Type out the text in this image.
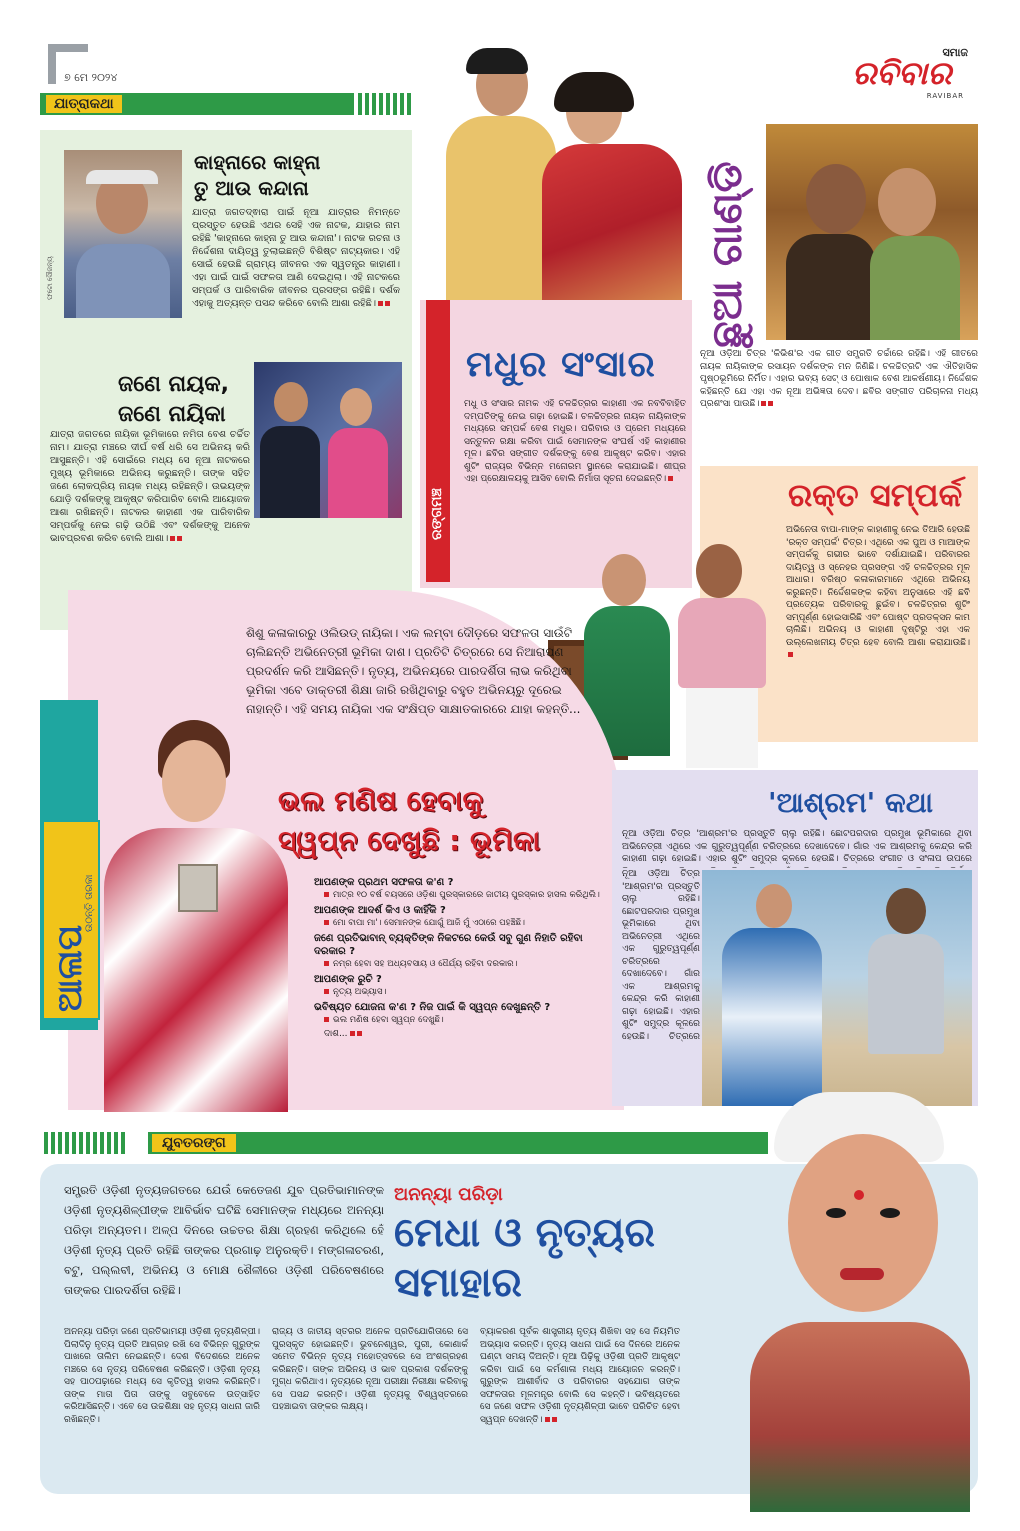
୭ ମେ ୨୦୨୪
ସମାଜ
ରବିବାର
RAVIBAR
ଯାତ୍ରାକଥା
ଫଟୋ ସୌଜନ୍ୟ
କାହ୍ନାରେ କାହ୍ନା
ତୁ ଆଉ କନ୍ଦାନା
ଯାତ୍ରା ଜଗତଦ୍ଵାରା ପାଇଁ ନୂଆ ଯାତ୍ରାର ନିମନ୍ତେ ପ୍ରସ୍ତୁତ ହେଉଛି ଏଥର ସେହି ଏକ ନାଟକ, ଯାହାର ନାମ ରହିଛି 'କାହ୍ନାରେ କାହ୍ନା ତୁ ଆଉ କନ୍ଦାନା'। ନାଟକ ରଚନା ଓ ନିର୍ଦ୍ଦେଶନା ଦାୟିତ୍ୱ ତୁଲାଇଛନ୍ତି ବିଶିଷ୍ଟ ନାଟ୍ୟକାର। ଏହି ସୋଇଁ ହେଉଛି ଗ୍ରାମ୍ୟ ଜୀବନର ଏକ ସ୍ୱତନ୍ତ୍ର କାହାଣୀ। ଏହା ପାଇଁ ପାଇଁ ସଫଳତା ଆଣି ଦେଇଥିଲା। ଏହି ନାଟକରେ ସମ୍ପର୍କ ଓ ପାରିବାରିକ ଜୀବନର ପ୍ରସଙ୍ଗ ରହିଛି। ଦର୍ଶକ ଏହାକୁ ଅତ୍ୟନ୍ତ ପସନ୍ଦ କରିବେ ବୋଲି ଆଶା ରହିଛି।
ଜଣେ ନାୟକ,
ଜଣେ ନାୟିକା
ଯାତ୍ରା ଜଗତରେ ନାୟିକା ଭୂମିକାରେ ନମିତା ବେଶ ଚର୍ଚ୍ଚିତ ନାମ। ଯାତ୍ରା ମଞ୍ଚରେ ଦୀର୍ଘ ବର୍ଷ ଧରି ସେ ଅଭିନୟ କରି ଆସୁଛନ୍ତି। ଏହି ସୋଇଁରେ ମଧ୍ୟ ସେ ନୂଆ ନାଟକରେ ମୁଖ୍ୟ ଭୂମିକାରେ ଅଭିନୟ କରୁଛନ୍ତି। ତାଙ୍କ ସହିତ ଜଣେ ଲୋକପ୍ରିୟ ନାୟକ ମଧ୍ୟ ରହିଛନ୍ତି। ଉଭୟଙ୍କ ଯୋଡ଼ି ଦର୍ଶକଙ୍କୁ ଆକୃଷ୍ଟ କରିପାରିବ ବୋଲି ଆୟୋଜକ ଆଶା ରଖିଛନ୍ତି। ନାଟକର କାହାଣୀ ଏକ ପାରିବାରିକ ସମ୍ପର୍କକୁ ନେଇ ଗଢ଼ି ଉଠିଛି ଏବଂ ଦର୍ଶକଙ୍କୁ ଅନେକ ଭାବପ୍ରବଣ କରିବ ବୋଲି ଆଶା।	ରଙ୍ଗମଞ୍ଚ
ମଧୁର ସଂସାର
ମଧୁ ଓ ସଂସାର ନାମକ ଏହି ଚଳଚ୍ଚିତ୍ରର କାହାଣୀ ଏକ ନବବିବାହିତ ଦମ୍ପତିଙ୍କୁ ନେଇ ଗଢ଼ା ହୋଇଛି। ଚଳଚ୍ଚିତ୍ରର ନାୟକ ନାୟିକାଙ୍କ ମଧ୍ୟରେ ସମ୍ପର୍କ ବେଶ ମଧୁର। ପରିବାର ଓ ପ୍ରେମ ମଧ୍ୟରେ ସନ୍ତୁଳନ ରକ୍ଷା କରିବା ପାଇଁ ସେମାନଙ୍କ ସଂଘର୍ଷ ଏହି କାହାଣୀର ମୂଳ। ଛବିର ସଙ୍ଗୀତ ଦର୍ଶକଙ୍କୁ ବେଶ ଆକୃଷ୍ଟ କରିବ। ଏହାର ଶୁଟିଂ ରାଜ୍ୟର ବିଭିନ୍ନ ମନୋରମ ସ୍ଥାନରେ କରାଯାଇଛି। ଶୀଘ୍ର ଏହା ପ୍ରେକ୍ଷାଳୟକୁ ଆସିବ ବୋଲି ନିର୍ମାତା ସୂଚନା ଦେଇଛନ୍ତି।
ଛୁଆ ଗାଣ୍ଡି
ନୂଆ ଓଡ଼ିଆ ଚିତ୍ର 'କିଭିଶ'ର ଏକ ଗୀତ ସମ୍ପ୍ରତି ଚର୍ଚ୍ଚାରେ ରହିଛି। ଏହି ଗୀତରେ ନାୟକ ନାୟିକାଙ୍କ ରସାୟନ ଦର୍ଶକଙ୍କ ମନ ଜିଣିଛି। ଚଳଚ୍ଚିତ୍ରଟି ଏକ ଐତିହାସିକ ପୃଷ୍ଠଭୂମିରେ ନିର୍ମିତ। ଏହାର ଭବ୍ୟ ସେଟ୍ ଓ ପୋଷାକ ବେଶ ଆକର୍ଷଣୀୟ। ନିର୍ଦ୍ଦେଶକ କହିଛନ୍ତି ଯେ ଏହା ଏକ ନୂଆ ଅଭିଜ୍ଞତା ଦେବ। ଛବିର ସଙ୍ଗୀତ ପରିଚାଳନା ମଧ୍ୟ ପ୍ରଶଂସା ପାଉଛି।
ରକ୍ତ ସମ୍ପର୍କ
ଅଭିନେତା ବାପା-ମାଙ୍କ କାହାଣୀକୁ ନେଇ ତିଆରି ହେଉଛି 'ରକ୍ତ ସମ୍ପର୍କ' ଚିତ୍ର। ଏଥିରେ ଏକ ପୁଅ ଓ ମାଆଙ୍କ ସମ୍ପର୍କକୁ ଗଭୀର ଭାବେ ଦର୍ଶାଯାଇଛି। ପରିବାରର ଦାୟିତ୍ୱ ଓ ସ୍ନେହର ପ୍ରସଙ୍ଗ ଏହି ଚଳଚ୍ଚିତ୍ରର ମୂଳ ଆଧାର। ବରିଷ୍ଠ କଳାକାରମାନେ ଏଥିରେ ଅଭିନୟ କରୁଛନ୍ତି। ନିର୍ଦ୍ଦେଶକଙ୍କ କହିବା ଅନୁସାରେ ଏହି ଛବି ପ୍ରତ୍ୟେକ ପରିବାରକୁ ଛୁଇଁବ। ଚଳଚ୍ଚିତ୍ରର ଶୁଟିଂ ସମ୍ପୂର୍ଣ୍ଣ ହୋଇସାରିଛି ଏବଂ ପୋଷ୍ଟ ପ୍ରଡକ୍ସନ କାମ ଚାଲିଛି। ଅଭିନୟ ଓ କାହାଣୀ ଦୃଷ୍ଟିରୁ ଏହା ଏକ ଉଲ୍ଲେଖନୀୟ ଚିତ୍ର ହେବ ବୋଲି ଆଶା କରାଯାଉଛି।
ଆଳାପ
ଉଠନ୍ତି ତାରକା
ଶିଶୁ କଳାକାରରୁ ଓଲିଉଡ୍ ନାୟିକା। ଏକ ଲମ୍ବା ଦୌଡ଼ରେ ସଫଳତା ସାଉଁଟି ଚାଲିଛନ୍ତି ଅଭିନେତ୍ରୀ ଭୂମିକା ଦାଶ। ପ୍ରତିଟି ଚିତ୍ରରେ ସେ ନିଆରାପଣ ପ୍ରଦର୍ଶନ କରି ଆସିଛନ୍ତି। ନୃତ୍ୟ, ଅଭିନୟରେ ପାରଦର୍ଶିତା ଲାଭ କରିଥିବା ଭୂମିକା ଏବେ ଡାକ୍ତରୀ ଶିକ୍ଷା ଜାରି ରଖିଥିବାରୁ ବହୁତ ଅଭିନୟରୁ ଦୂରେଇ ନାହାନ୍ତି। ଏହି ସମୟ ନାୟିକା ଏକ ସଂକ୍ଷିପ୍ତ ସାକ୍ଷାତକାରରେ ଯାହା କହନ୍ତି...
ଭଲ ମଣିଷ ହେବାକୁ
ସ୍ୱପ୍ନ ଦେଖୁଛି : ଭୂମିକା
ଆପଣଙ୍କ ପ୍ରଥମ ସଫଳତା କ'ଣ ?
ମାତ୍ର ୧୦ ବର୍ଷ ବୟସରେ ଓଡ଼ିଶା ପୁରସ୍କାରରେ ଜାତୀୟ ପୁରସ୍କାର ହାସଲ କରିଥିଲି।
ଆପଣଙ୍କ ଆଦର୍ଶ କିଏ ଓ କାହିଁକି ?
ମୋ ବାପା ମା'। ସେମାନଙ୍କ ଯୋଗୁଁ ଆଜି ମୁଁ ଏଠାରେ ପହଞ୍ଚିଛି।
ଜଣେ ପ୍ରତିଭାବାନ୍ ବ୍ୟକ୍ତିଙ୍କ ନିକଟରେ କେଉଁ ସବୁ ଗୁଣ ନିହାତି ରହିବା ଦରକାର ?
ନମ୍ର ହେବା ସହ ଅଧ୍ୟବସାୟ ଓ ଧୈର୍ଯ୍ୟ ରହିବା ଦରକାର।
ଆପଣଙ୍କ ରୁଚି ?
ନୃତ୍ୟ ଅଭ୍ୟାସ।
ଭବିଷ୍ୟତ ଯୋଜନା କ'ଣ ? ନିଜ ପାଇଁ କି ସ୍ୱପ୍ନ ଦେଖୁଛନ୍ତି ?
ଭଲ ମଣିଷ ହେବା ସ୍ୱପ୍ନ ଦେଖୁଛି।
ଦାଶ...
'ଆଶ୍ରମ' କଥା
ନୂଆ ଓଡ଼ିଆ ଚିତ୍ର 'ଆଶ୍ରମ'ର ପ୍ରସ୍ତୁତି ଚାଲୁ ରହିଛି। ଛୋଟପରଦାର ପ୍ରମୁଖ ଭୂମିକାରେ ଥିବା ଅଭିନେତ୍ରୀ ଏଥିରେ ଏକ ଗୁରୁତ୍ୱପୂର୍ଣ୍ଣ ଚରିତ୍ରରେ ଦେଖାଦେବେ। ଗାଁର ଏକ ଆଶ୍ରମକୁ କେନ୍ଦ୍ର କରି କାହାଣୀ ଗଢ଼ା ହୋଇଛି। ଏହାର ଶୁଟିଂ ସମୁଦ୍ର କୂଳରେ ହେଉଛି। ଚିତ୍ରରେ ସଂଗୀତ ଓ ସଂଳାପ ଉପରେ
ନୂଆ ଓଡ଼ିଆ ଚିତ୍ର 'ଆଶ୍ରମ'ର ପ୍ରସ୍ତୁତି ଚାଲୁ ରହିଛି। ଛୋଟପରଦାର ପ୍ରମୁଖ ଭୂମିକାରେ ଥିବା ଅଭିନେତ୍ରୀ ଏଥିରେ ଏକ ଗୁରୁତ୍ୱପୂର୍ଣ୍ଣ ଚରିତ୍ରରେ ଦେଖାଦେବେ। ଗାଁର ଏକ ଆଶ୍ରମକୁ କେନ୍ଦ୍ର କରି କାହାଣୀ ଗଢ଼ା ହୋଇଛି। ଏହାର ଶୁଟିଂ ସମୁଦ୍ର କୂଳରେ ହେଉଛି। ଚିତ୍ରରେ
ଯୁବତରଙ୍ଗ
ସମ୍ପ୍ରତି ଓଡ଼ିଶୀ ନୃତ୍ୟଜଗତରେ ଯେଉଁ କେତେଜଣ ଯୁବ ପ୍ରତିଭାମାନଙ୍କ ଓଡ଼ିଶୀ ନୃତ୍ୟଶିଳ୍ପୀଙ୍କ ଆବିର୍ଭାବ ଘଟିଛି ସେମାନଙ୍କ ମଧ୍ୟରେ ଅନନ୍ୟା ପରିଡ଼ା ଅନ୍ୟତମ। ଅଳ୍ପ ଦିନରେ ଉଚ୍ଚତର ଶିକ୍ଷା ଗ୍ରହଣ କରିଥିଲେ ହେଁ ଓଡ଼ିଶୀ ନୃତ୍ୟ ପ୍ରତି ରହିଛି ତାଙ୍କର ପ୍ରଗାଢ଼ ଅନୁରକ୍ତି। ମଙ୍ଗଳାଚରଣ, ବଟୁ, ପଲ୍ଲବୀ, ଅଭିନୟ ଓ ମୋକ୍ଷ ଶୈଳୀରେ ଓଡ଼ିଶୀ ପରିବେଷଣରେ ତାଙ୍କର ପାରଦର୍ଶିତା ରହିଛି।
ଅନନ୍ୟା ପରିଡ଼ା
ମେଧା ଓ ନୃତ୍ୟର
ସମାହାର
ଅନନ୍ୟା ପରିଡ଼ା ଜଣେ ପ୍ରତିଭାମୟୀ ଓଡ଼ିଶୀ ନୃତ୍ୟଶିଳ୍ପୀ। ପିଲାଦିନୁ ନୃତ୍ୟ ପ୍ରତି ଆଗ୍ରହ ରଖି ସେ ବିଭିନ୍ନ ଗୁରୁଙ୍କ ପାଖରେ ତାଲିମ ନେଇଛନ୍ତି। ଦେଶ ବିଦେଶରେ ଅନେକ ମଞ୍ଚରେ ସେ ନୃତ୍ୟ ପରିବେଷଣ କରିଛନ୍ତି। ଓଡ଼ିଶୀ ନୃତ୍ୟ ସହ ପାଠପଢ଼ାରେ ମଧ୍ୟ ସେ କୃତିତ୍ୱ ହାସଲ କରିଛନ୍ତି। ତାଙ୍କ ମାତା ପିତା ତାଙ୍କୁ ସବୁବେଳେ ଉତ୍ସାହିତ କରିଆସିଛନ୍ତି। ଏବେ ସେ ଉଚ୍ଚଶିକ୍ଷା ସହ ନୃତ୍ୟ ସାଧନା ଜାରି ରଖିଛନ୍ତି।
ରାଜ୍ୟ ଓ ଜାତୀୟ ସ୍ତରର ଅନେକ ପ୍ରତିଯୋଗିତାରେ ସେ ପୁରସ୍କୃତ ହୋଇଛନ୍ତି। ଭୁବନେଶ୍ୱର, ପୁରୀ, କୋଣାର୍କ ସମେତ ବିଭିନ୍ନ ନୃତ୍ୟ ମହୋତ୍ସବରେ ସେ ଅଂଶଗ୍ରହଣ କରିଛନ୍ତି। ତାଙ୍କ ଅଭିନୟ ଓ ଭାବ ପ୍ରକାଶ ଦର୍ଶକଙ୍କୁ ମୁଗ୍ଧ କରିଥାଏ। ନୃତ୍ୟରେ ନୂଆ ପରୀକ୍ଷା ନିରୀକ୍ଷା କରିବାକୁ ସେ ପସନ୍ଦ କରନ୍ତି। ଓଡ଼ିଶୀ ନୃତ୍ୟକୁ ବିଶ୍ୱସ୍ତରରେ ପହଞ୍ଚାଇବା ତାଙ୍କର ଲକ୍ଷ୍ୟ।
ବ୍ୟାକରଣ ପୂର୍ବକ ଶାସ୍ତ୍ରୀୟ ନୃତ୍ୟ ଶିଖିବା ସହ ସେ ନିୟମିତ ଅଭ୍ୟାସ କରନ୍ତି। ନୃତ୍ୟ ସାଧନା ପାଇଁ ସେ ଦିନରେ ଅନେକ ଘଣ୍ଟା ସମୟ ଦିଅନ୍ତି। ନୂଆ ପିଢ଼ିକୁ ଓଡ଼ିଶୀ ପ୍ରତି ଆକୃଷ୍ଟ କରିବା ପାଇଁ ସେ କର୍ମଶାଳା ମଧ୍ୟ ଆୟୋଜନ କରନ୍ତି। ଗୁରୁଙ୍କ ଆଶୀର୍ବାଦ ଓ ପରିବାରର ସହଯୋଗ ତାଙ୍କ ସଫଳତାର ମୂଳମନ୍ତ୍ର ବୋଲି ସେ କହନ୍ତି। ଭବିଷ୍ୟତରେ ସେ ଜଣେ ସଫଳ ଓଡ଼ିଶୀ ନୃତ୍ୟଶିଳ୍ପୀ ଭାବେ ପରିଚିତ ହେବା ସ୍ୱପ୍ନ ଦେଖନ୍ତି।
